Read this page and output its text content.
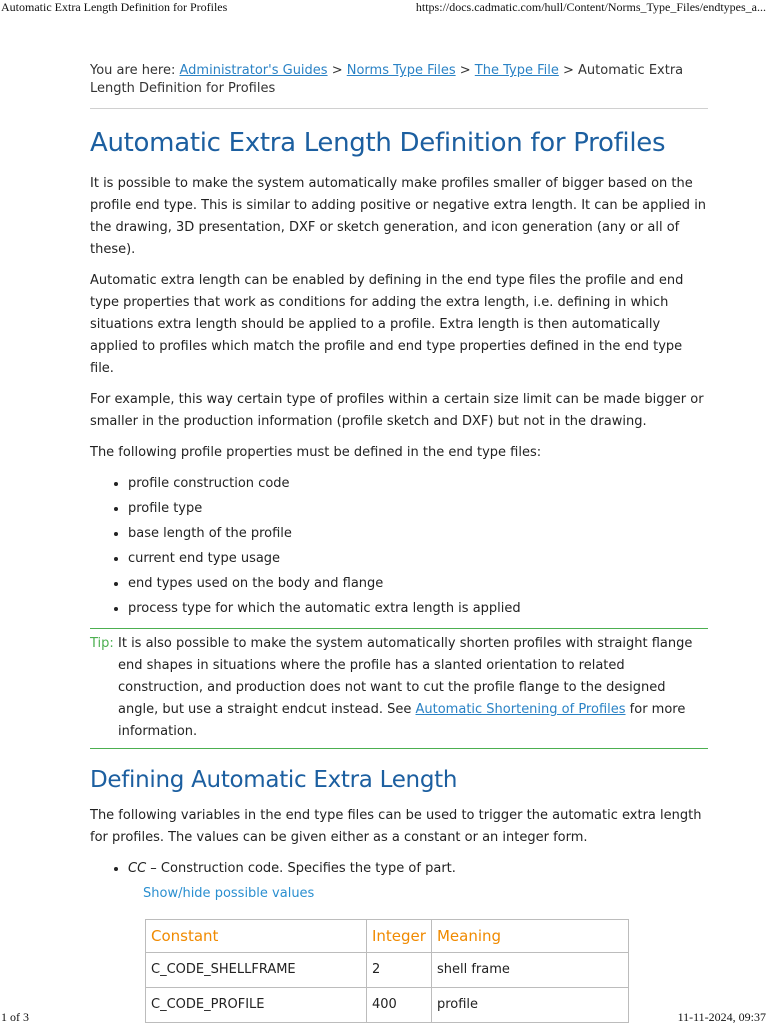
Automatic Extra Length Definition for Profiles	https://docs.cadmatic.com/hull/Content/Norms_Type_Files/endtypes_a...
You are here: Administrator's Guides > Norms Type Files > The Type File > Automatic Extra Length Definition for Profiles
Automatic Extra Length Definition for Profiles

It is possible to make the system automatically make profiles smaller of bigger based on the profile end type. This is similar to adding positive or negative extra length. It can be applied in the drawing, 3D presentation, DXF or sketch generation, and icon generation (any or all of these).

Automatic extra length can be enabled by defining in the end type files the profile and end type properties that work as conditions for adding the extra length, i.e. defining in which situations extra length should be applied to a profile. Extra length is then automatically applied to profiles which match the profile and end type properties defined in the end type file.

For example, this way certain type of profiles within a certain size limit can be made bigger or smaller in the production information (profile sketch and DXF) but not in the drawing.

The following profile properties must be defined in the end type files:

• profile construction code
• profile type
• base length of the profile
• current end type usage
• end types used on the body and flange
• process type for which the automatic extra length is applied
Tip: It is also possible to make the system automatically shorten profiles with straight flange end shapes in situations where the profile has a slanted orientation to related construction, and production does not want to cut the profile flange to the designed angle, but use a straight endcut instead. See Automatic Shortening of Profiles for more information.
Defining Automatic Extra Length

The following variables in the end type files can be used to trigger the automatic extra length for profiles. The values can be given either as a constant or an integer form.

• CC – Construction code. Specifies the type of part.
Show/hide possible values
Constant	Integer	Meaning
C_CODE_SHELLFRAME	2	shell frame
C_CODE_PROFILE	400	profile
1 of 3	11-11-2024, 09:37
